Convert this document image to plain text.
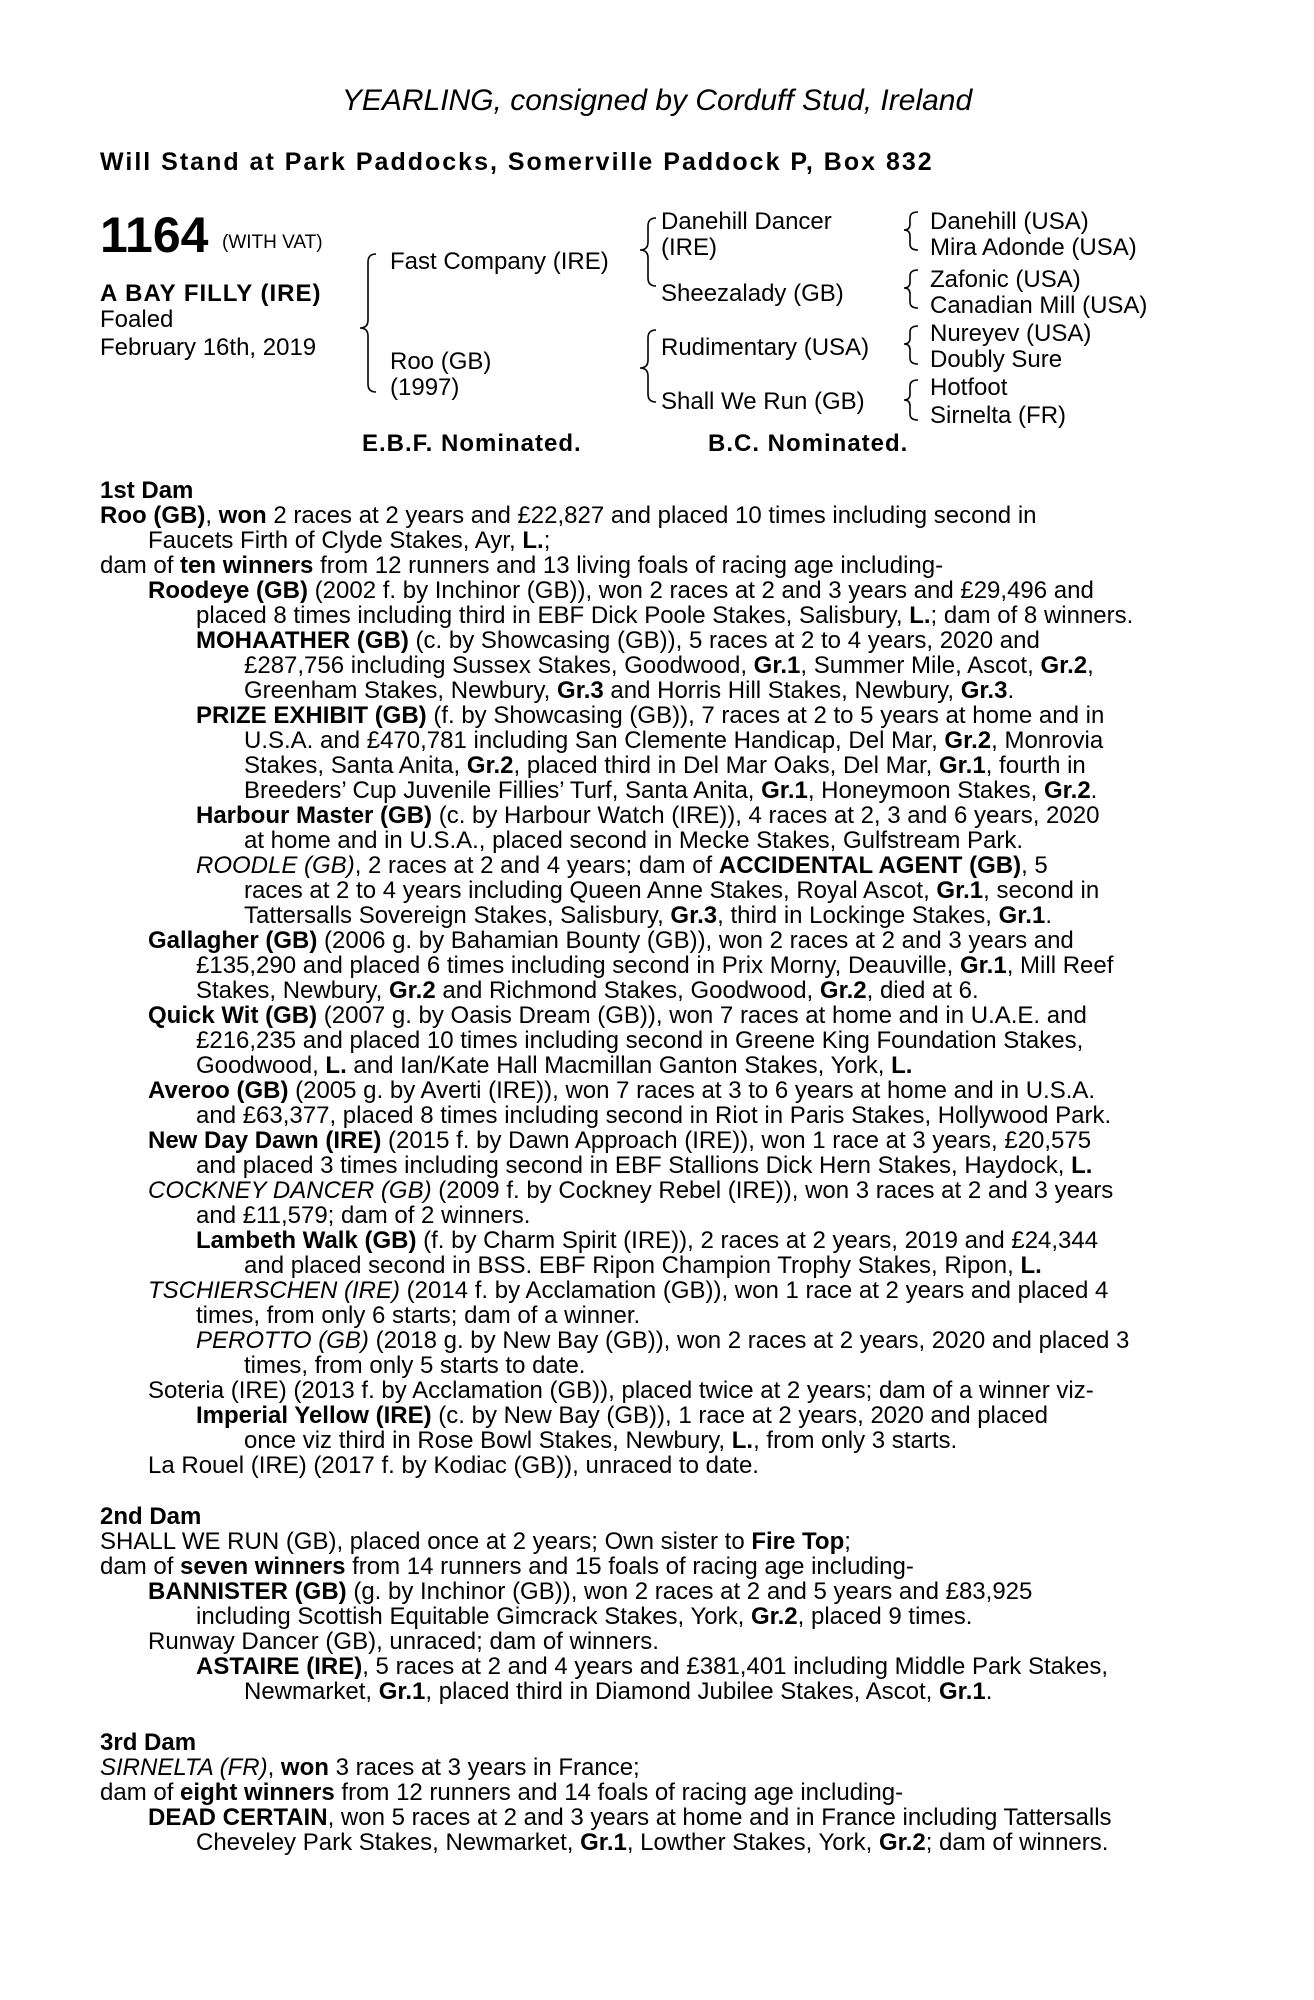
YEARLING, consigned by Corduff Stud, Ireland
Will Stand at Park Paddocks, Somerville Paddock P, Box 832
1164 (WITH VAT)
A BAY FILLY (IRE)
Foaled
February 16th, 2019
Fast Company (IRE)
Roo (GB)
(1997)
Danehill Dancer
(IRE)
Sheezalady (GB)
Rudimentary (USA)
Shall We Run (GB)
Danehill (USA)
Mira Adonde (USA)
Zafonic (USA)
Canadian Mill (USA)
Nureyev (USA)
Doubly Sure
Hotfoot
Sirnelta (FR)
E.B.F. Nominated.	B.C. Nominated.
1st Dam
Roo (GB), won 2 races at 2 years and £22,827 and placed 10 times including second in
Faucets Firth of Clyde Stakes, Ayr, L.;
dam of ten winners from 12 runners and 13 living foals of racing age including-
Roodeye (GB) (2002 f. by Inchinor (GB)), won 2 races at 2 and 3 years and £29,496 and
placed 8 times including third in EBF Dick Poole Stakes, Salisbury, L.; dam of 8 winners.
MOHAATHER (GB) (c. by Showcasing (GB)), 5 races at 2 to 4 years, 2020 and
£287,756 including Sussex Stakes, Goodwood, Gr.1, Summer Mile, Ascot, Gr.2,
Greenham Stakes, Newbury, Gr.3 and Horris Hill Stakes, Newbury, Gr.3.
PRIZE EXHIBIT (GB) (f. by Showcasing (GB)), 7 races at 2 to 5 years at home and in
U.S.A. and £470,781 including San Clemente Handicap, Del Mar, Gr.2, Monrovia
Stakes, Santa Anita, Gr.2, placed third in Del Mar Oaks, Del Mar, Gr.1, fourth in
Breeders’ Cup Juvenile Fillies’ Turf, Santa Anita, Gr.1, Honeymoon Stakes, Gr.2.
Harbour Master (GB) (c. by Harbour Watch (IRE)), 4 races at 2, 3 and 6 years, 2020
at home and in U.S.A., placed second in Mecke Stakes, Gulfstream Park.
ROODLE (GB), 2 races at 2 and 4 years; dam of ACCIDENTAL AGENT (GB), 5
races at 2 to 4 years including Queen Anne Stakes, Royal Ascot, Gr.1, second in
Tattersalls Sovereign Stakes, Salisbury, Gr.3, third in Lockinge Stakes, Gr.1.
Gallagher (GB) (2006 g. by Bahamian Bounty (GB)), won 2 races at 2 and 3 years and
£135,290 and placed 6 times including second in Prix Morny, Deauville, Gr.1, Mill Reef
Stakes, Newbury, Gr.2 and Richmond Stakes, Goodwood, Gr.2, died at 6.
Quick Wit (GB) (2007 g. by Oasis Dream (GB)), won 7 races at home and in U.A.E. and
£216,235 and placed 10 times including second in Greene King Foundation Stakes,
Goodwood, L. and Ian/Kate Hall Macmillan Ganton Stakes, York, L.
Averoo (GB) (2005 g. by Averti (IRE)), won 7 races at 3 to 6 years at home and in U.S.A.
and £63,377, placed 8 times including second in Riot in Paris Stakes, Hollywood Park.
New Day Dawn (IRE) (2015 f. by Dawn Approach (IRE)), won 1 race at 3 years, £20,575
and placed 3 times including second in EBF Stallions Dick Hern Stakes, Haydock, L.
COCKNEY DANCER (GB) (2009 f. by Cockney Rebel (IRE)), won 3 races at 2 and 3 years
and £11,579; dam of 2 winners.
Lambeth Walk (GB) (f. by Charm Spirit (IRE)), 2 races at 2 years, 2019 and £24,344
and placed second in BSS. EBF Ripon Champion Trophy Stakes, Ripon, L.
TSCHIERSCHEN (IRE) (2014 f. by Acclamation (GB)), won 1 race at 2 years and placed 4
times, from only 6 starts; dam of a winner.
PEROTTO (GB) (2018 g. by New Bay (GB)), won 2 races at 2 years, 2020 and placed 3
times, from only 5 starts to date.
Soteria (IRE) (2013 f. by Acclamation (GB)), placed twice at 2 years; dam of a winner viz-
Imperial Yellow (IRE) (c. by New Bay (GB)), 1 race at 2 years, 2020 and placed
once viz third in Rose Bowl Stakes, Newbury, L., from only 3 starts.
La Rouel (IRE) (2017 f. by Kodiac (GB)), unraced to date.
2nd Dam
SHALL WE RUN (GB), placed once at 2 years; Own sister to Fire Top;
dam of seven winners from 14 runners and 15 foals of racing age including-
BANNISTER (GB) (g. by Inchinor (GB)), won 2 races at 2 and 5 years and £83,925
including Scottish Equitable Gimcrack Stakes, York, Gr.2, placed 9 times.
Runway Dancer (GB), unraced; dam of winners.
ASTAIRE (IRE), 5 races at 2 and 4 years and £381,401 including Middle Park Stakes,
Newmarket, Gr.1, placed third in Diamond Jubilee Stakes, Ascot, Gr.1.
3rd Dam
SIRNELTA (FR), won 3 races at 3 years in France;
dam of eight winners from 12 runners and 14 foals of racing age including-
DEAD CERTAIN, won 5 races at 2 and 3 years at home and in France including Tattersalls
Cheveley Park Stakes, Newmarket, Gr.1, Lowther Stakes, York, Gr.2; dam of winners.
